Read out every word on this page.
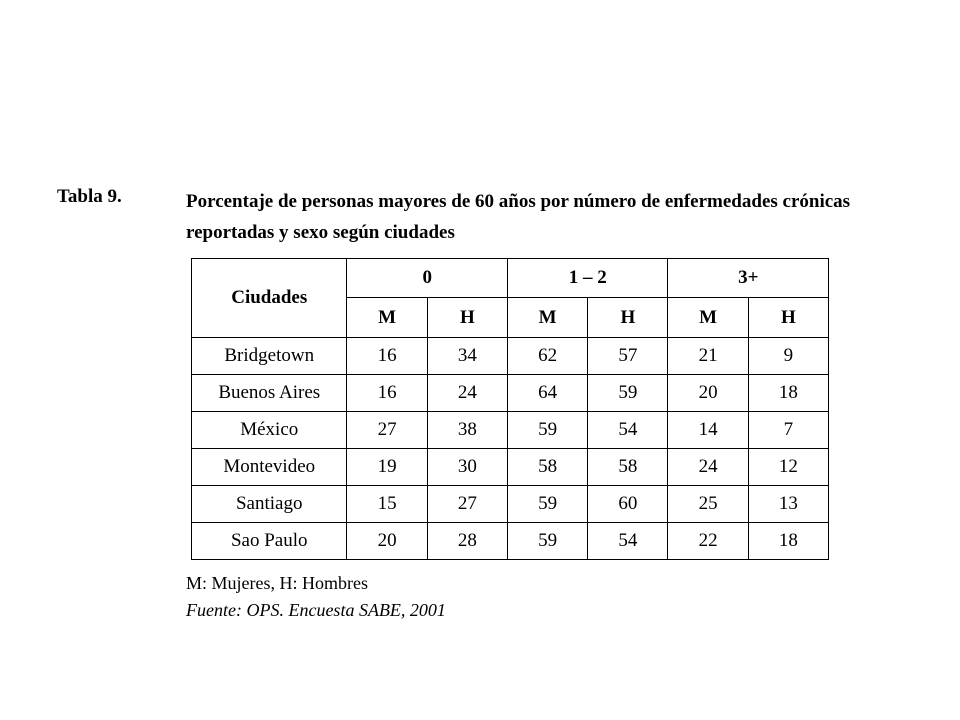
Tabla 9.	Porcentaje de personas mayores de 60 años por número de enfermedades crónicas
reportadas y sexo según ciudades
Ciudades	0		1 – 2		3+	
	M	H	M	H	M	H
Bridgetown	16	34	62	57	21	9
Buenos Aires	16	24	64	59	20	18
México	27	38	59	54	14	7
Montevideo	19	30	58	58	24	12
Santiago	15	27	59	60	25	13
Sao Paulo	20	28	59	54	22	18
M: Mujeres, H: Hombres
Fuente: OPS. Encuesta SABE, 2001
